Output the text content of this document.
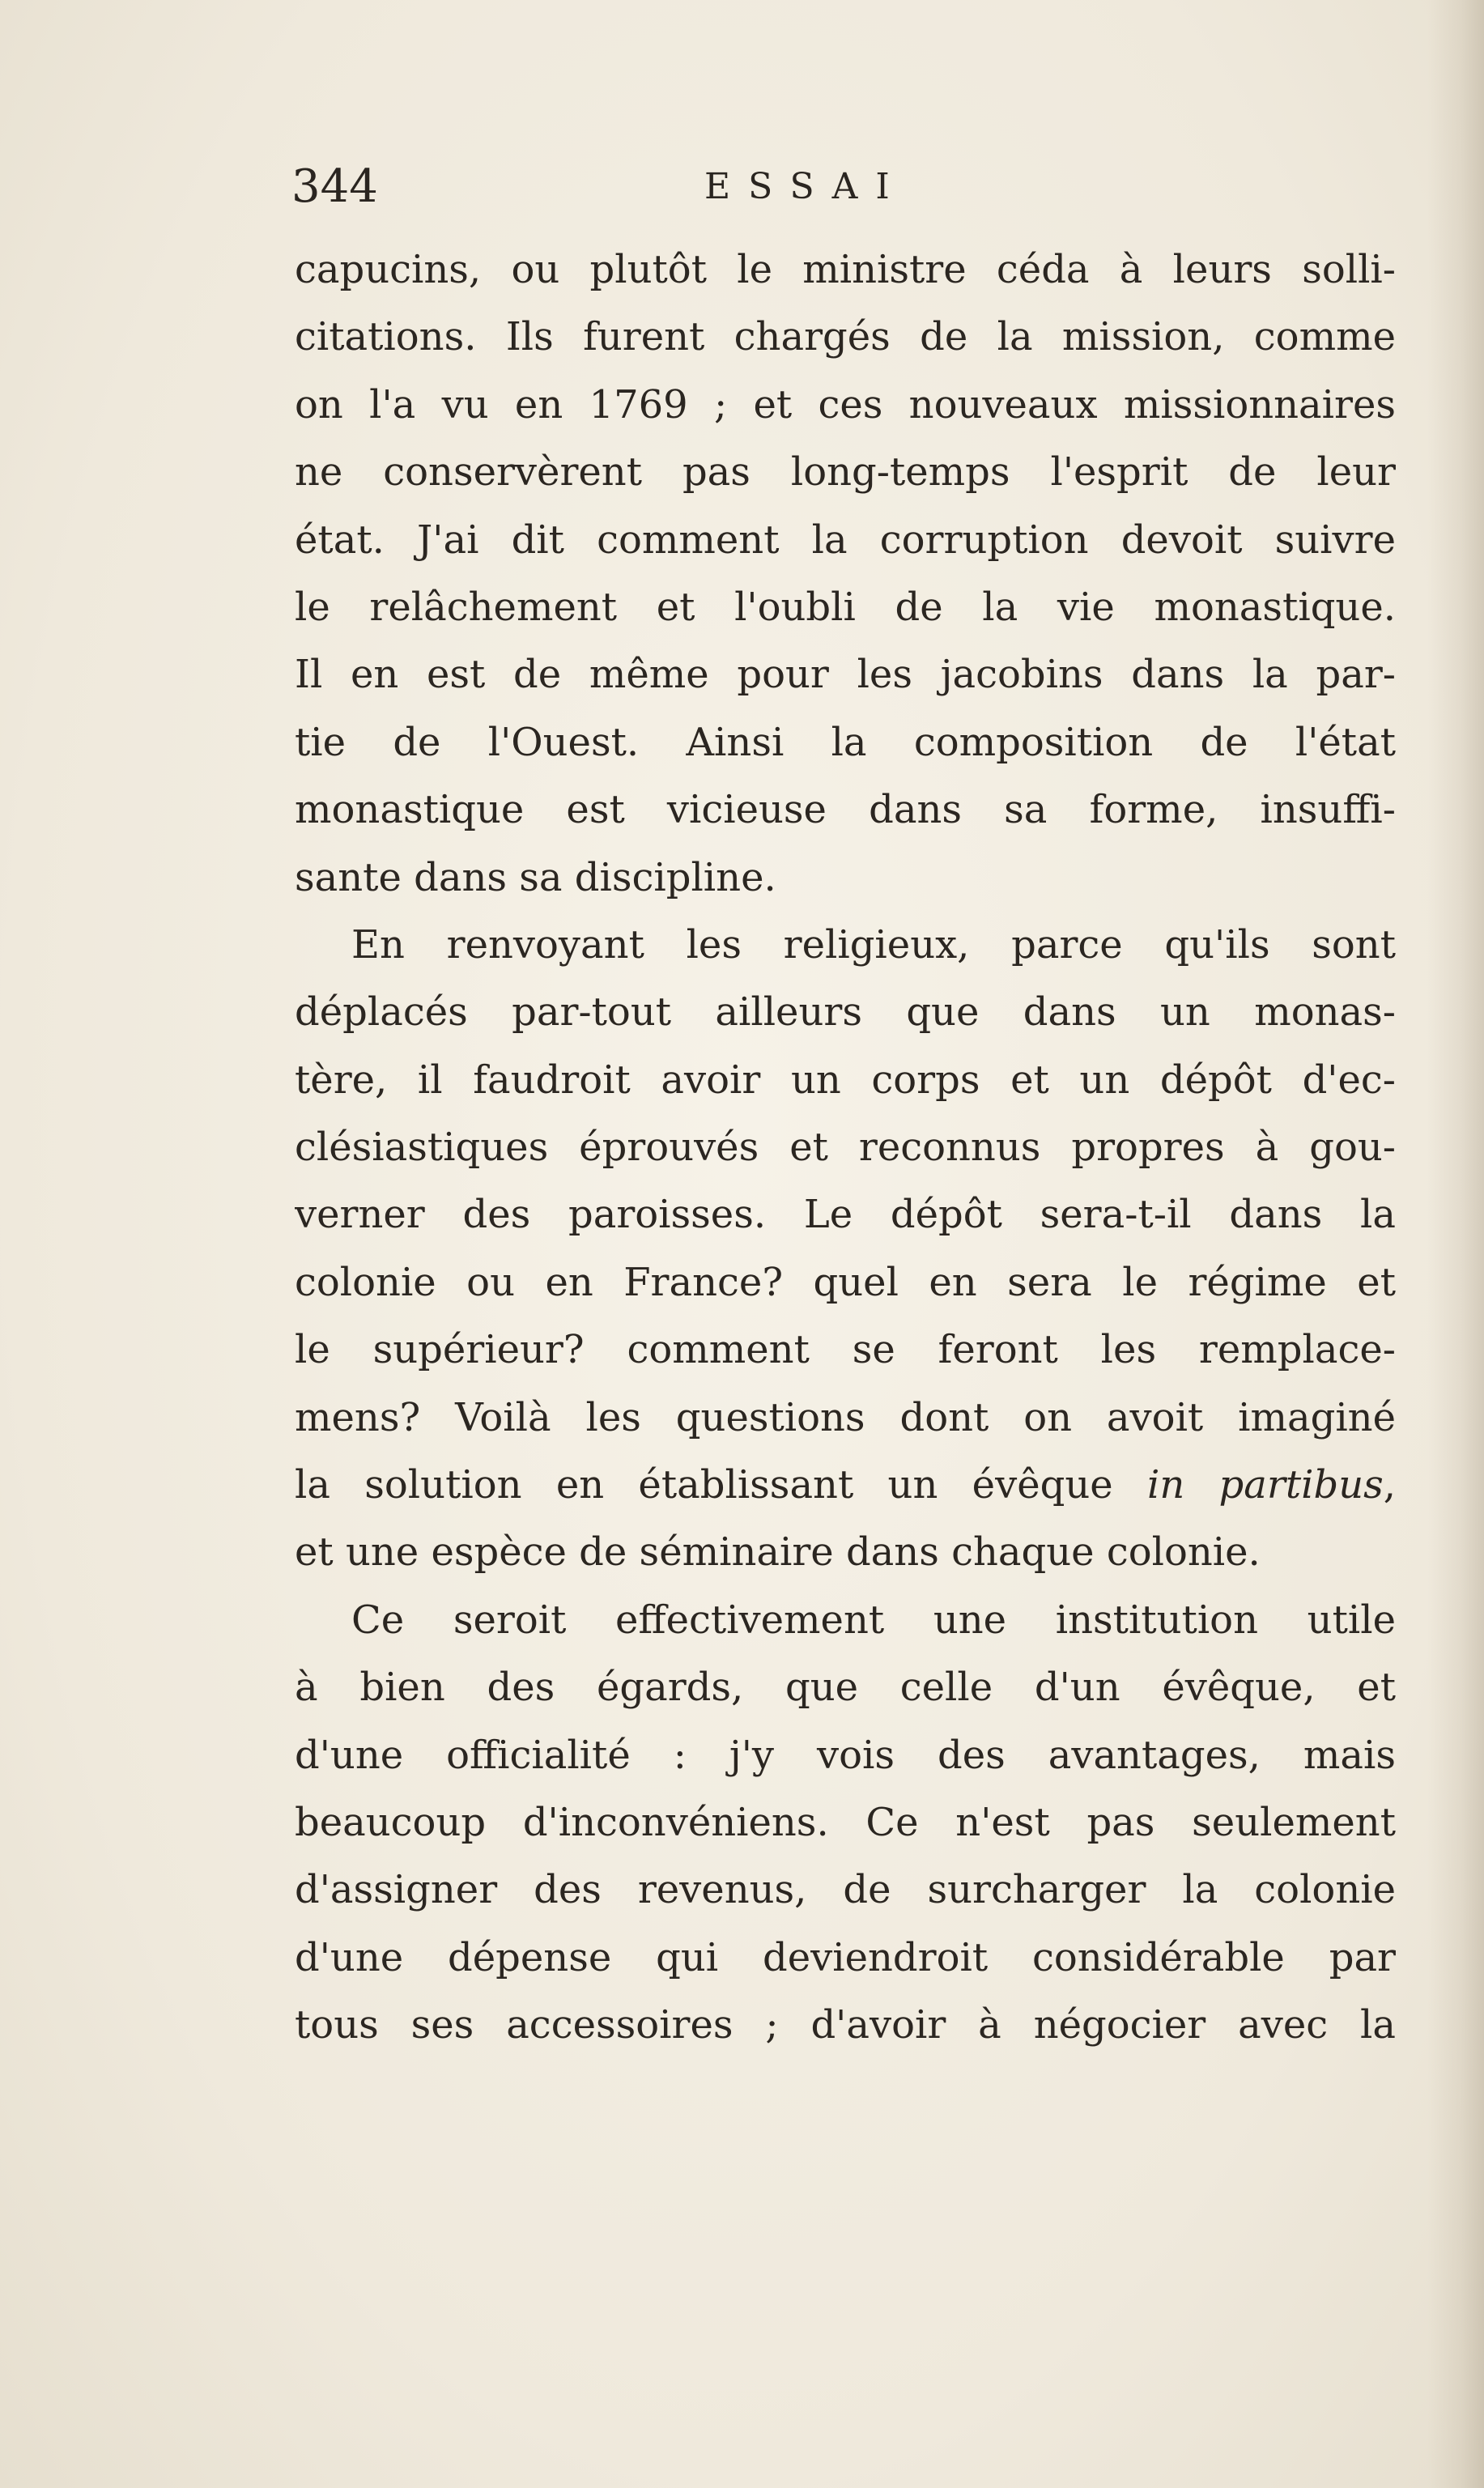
344	ESSAI
capucins, ou plutôt le ministre céda à leurs solli-
citations. Ils furent chargés de la mission, comme
on l'a vu en 1769 ; et ces nouveaux missionnaires
ne conservèrent pas long-temps l'esprit de leur
état. J'ai dit comment la corruption devoit suivre
le relâchement et l'oubli de la vie monastique.
Il en est de même pour les jacobins dans la par-
tie de l'Ouest. Ainsi la composition de l'état
monastique est vicieuse dans sa forme, insuffi-
sante dans sa discipline.
En renvoyant les religieux, parce qu'ils sont
déplacés par-tout ailleurs que dans un monas-
tère, il faudroit avoir un corps et un dépôt d'ec-
clésiastiques éprouvés et reconnus propres à gou-
verner des paroisses. Le dépôt sera-t-il dans la
colonie ou en France? quel en sera le régime et
le supérieur? comment se feront les remplace-
mens? Voilà les questions dont on avoit imaginé
la solution en établissant un évêque in partibus,
et une espèce de séminaire dans chaque colonie.
Ce seroit effectivement une institution utile
à bien des égards, que celle d'un évêque, et
d'une officialité : j'y vois des avantages, mais
beaucoup d'inconvéniens. Ce n'est pas seulement
d'assigner des revenus, de surcharger la colonie
d'une dépense qui deviendroit considérable par
tous ses accessoires ; d'avoir à négocier avec la
